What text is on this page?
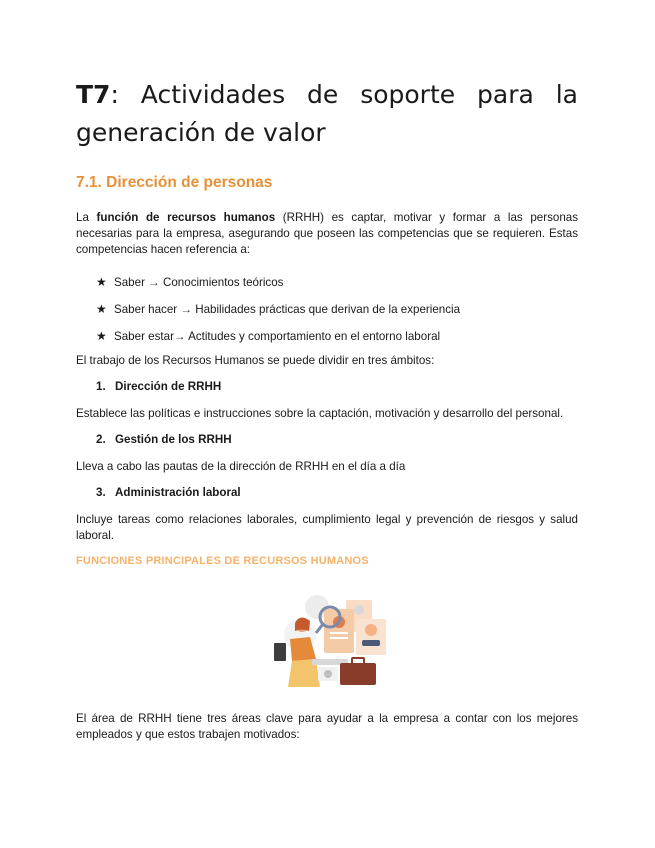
T7: Actividades de soporte para la
generación de valor
7.1. Dirección de personas

La función de recursos humanos (RRHH) es captar, motivar y formar a las personas necesarias para la empresa, asegurando que poseen las competencias que se requieren. Estas competencias hacen referencia a:

★ Saber → Conocimientos teóricos
★ Saber hacer → Habilidades prácticas que derivan de la experiencia
★ Saber estar→ Actitudes y comportamiento en el entorno laboral

El trabajo de los Recursos Humanos se puede dividir en tres ámbitos:

1. Dirección de RRHH

Establece las políticas e instrucciones sobre la captación, motivación y desarrollo del personal.

2. Gestión de los RRHH

Lleva a cabo las pautas de la dirección de RRHH en el día a día

3. Administración laboral

Incluye tareas como relaciones laborales, cumplimiento legal y prevención de riesgos y salud laboral.

FUNCIONES PRINCIPALES DE RECURSOS HUMANOS

El área de RRHH tiene tres áreas clave para ayudar a la empresa a contar con los mejores empleados y que estos trabajen motivados:
